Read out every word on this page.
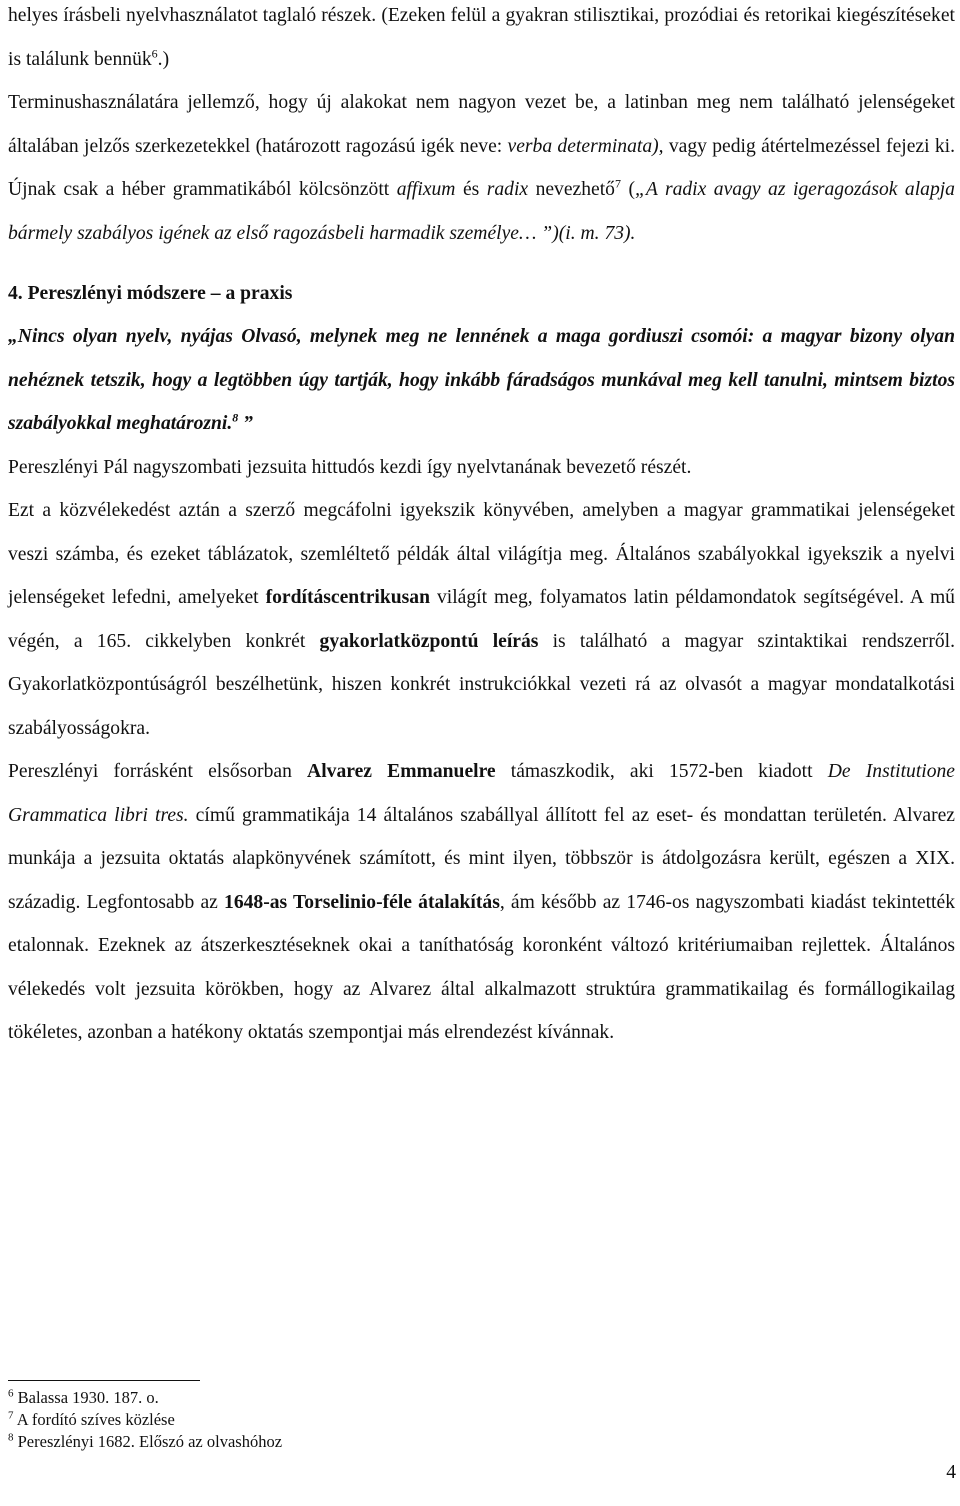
helyes írásbeli nyelvhasználatot taglaló részek. (Ezeken felül a gyakran stilisztikai, prozódiai és retorikai kiegészítéseket is találunk bennük$^6$.)

Terminushasználatára jellemző, hogy új alakokat nem nagyon vezet be, a latinban meg nem található jelenségeket általában jelzős szerkezetekkel (határozott ragozású igék neve: verba determinata), vagy pedig átértelmezéssel fejezi ki. Újnak csak a héber grammatikából kölcsönzött affixum és radix nevezhető$^7$ („A radix avagy az igeragozások alapja bármely szabályos igének az első ragozásbeli harmadik személye… ”)(i. m. 73).

4. Pereszlényi módszere – a praxis

„Nincs olyan nyelv, nyájas Olvasó, melynek meg ne lennének a maga gordiuszi csomói: a magyar bizony olyan nehéznek tetszik, hogy a legtöbben úgy tartják, hogy inkább fáradságos munkával meg kell tanulni, mintsem biztos szabályokkal meghatározni.$^8$ ”

Pereszlényi Pál nagyszombati jezsuita hittudós kezdi így nyelvtanának bevezető részét.

Ezt a közvélekedést aztán a szerző megcáfolni igyekszik könyvében, amelyben a magyar grammatikai jelenségeket veszi számba, és ezeket táblázatok, szemléltető példák által világítja meg. Általános szabályokkal igyekszik a nyelvi jelenségeket lefedni, amelyeket fordításcentrikusan világít meg, folyamatos latin példamondatok segítségével. A mű végén, a 165. cikkelyben konkrét gyakorlatközpontú leírás is található a magyar szintaktikai rendszerről. Gyakorlatközpontúságról beszélhetünk, hiszen konkrét instrukciókkal vezeti rá az olvasót a magyar mondatalkotási szabályosságokra.

Pereszlényi forrásként elsősorban Alvarez Emmanuelre támaszkodik, aki 1572-ben kiadott De Institutione Grammatica libri tres. című grammatikája 14 általános szabállyal állított fel az eset- és mondattan területén. Alvarez munkája a jezsuita oktatás alapkönyvének számított, és mint ilyen, többször is átdolgozásra került, egészen a XIX. századig. Legfontosabb az 1648-as Torselinio-féle átalakítás, ám később az 1746-os nagyszombati kiadást tekintették etalonnak. Ezeknek az átszerkesztéseknek okai a taníthatóság koronként változó kritériumaiban rejlettek. Általános vélekedés volt jezsuita körökben, hogy az Alvarez által alkalmazott struktúra grammatikailag és formállogikailag tökéletes, azonban a hatékony oktatás szempontjai más elrendezést kívánnak.

$^6$ Balassa 1930. 187. o.

$^7$ A fordító szíves közlése

$^8$ Pereszlényi 1682. Előszó az olvashóhoz

4
